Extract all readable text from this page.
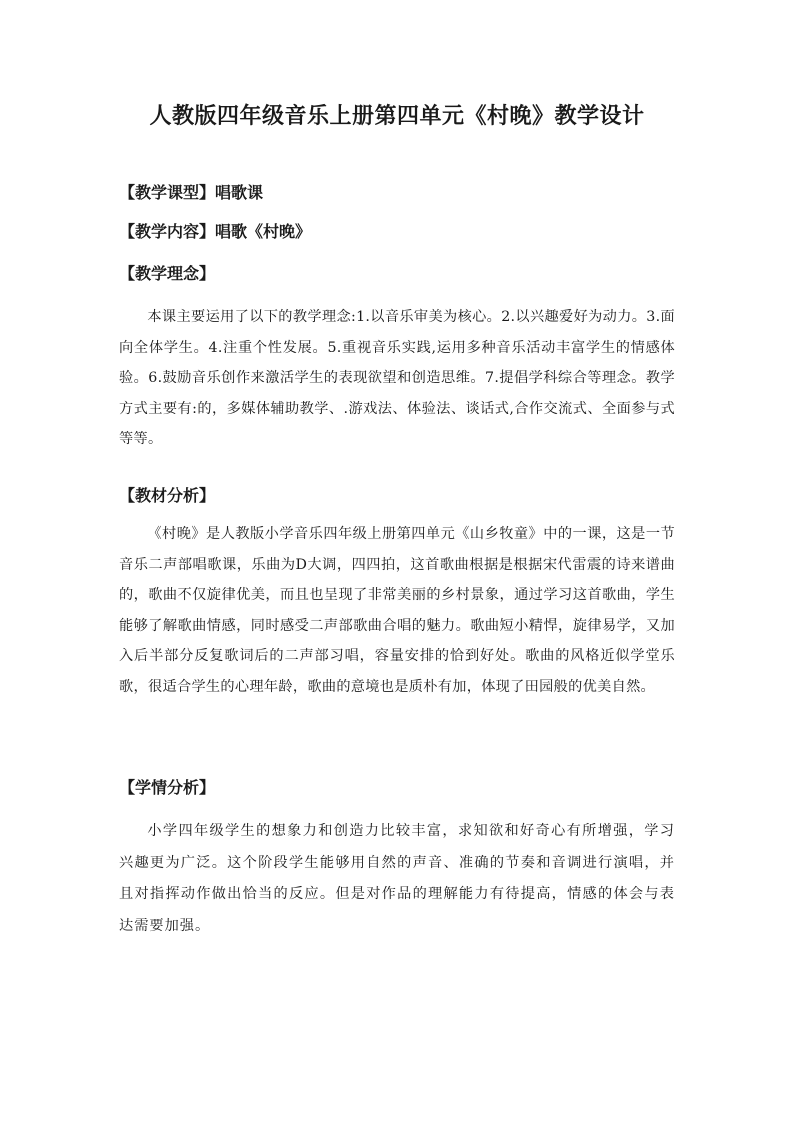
人教版四年级音乐上册第四单元《村晚》教学设计
【教学课型】唱歌课
【教学内容】唱歌《村晚》
【教学理念】

本课主要运用了以下的教学理念:1.以音乐审美为核心。2.以兴趣爱好为动力。3.面向全体学生。4.注重个性发展。5.重视音乐实践,运用多种音乐活动丰富学生的情感体验。6.鼓励音乐创作来激活学生的表现欲望和创造思维。7.提倡学科综合等理念。教学方式主要有:的，多媒体辅助教学、.游戏法、体验法、谈话式,合作交流式、全面参与式等等。

【教材分析】

《村晚》是人教版小学音乐四年级上册第四单元《山乡牧童》中的一课，这是一节音乐二声部唱歌课，乐曲为D大调，四四拍，这首歌曲根据是根据宋代雷震的诗来谱曲的，歌曲不仅旋律优美，而且也呈现了非常美丽的乡村景象，通过学习这首歌曲，学生能够了解歌曲情感，同时感受二声部歌曲合唱的魅力。歌曲短小精悍，旋律易学，又加入后半部分反复歌词后的二声部习唱，容量安排的恰到好处。歌曲的风格近似学堂乐歌，很适合学生的心理年龄，歌曲的意境也是质朴有加，体现了田园般的优美自然。

【学情分析】

小学四年级学生的想象力和创造力比较丰富，求知欲和好奇心有所增强，学习兴趣更为广泛。这个阶段学生能够用自然的声音、准确的节奏和音调进行演唱，并且对指挥动作做出恰当的反应。但是对作品的理解能力有待提高，情感的体会与表达需要加强。
